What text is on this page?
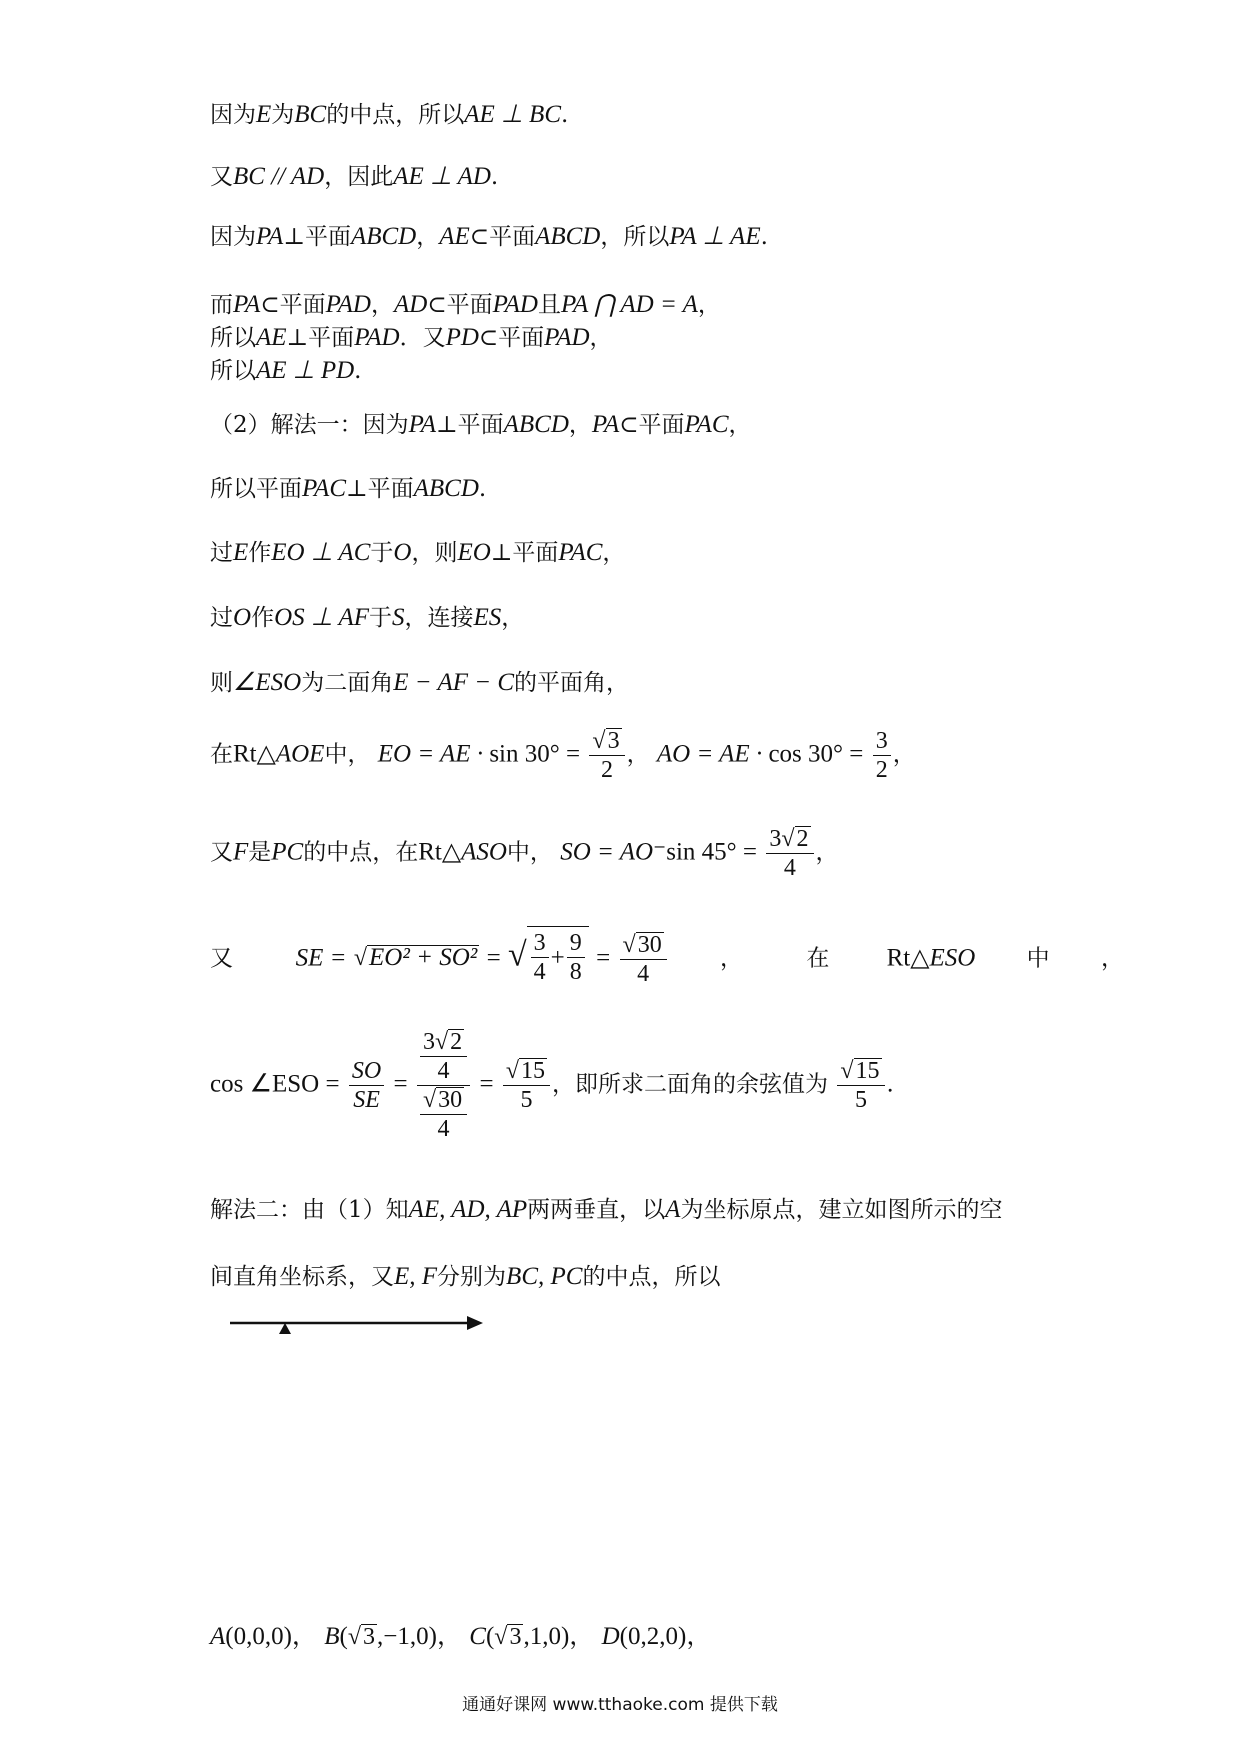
因为E为BC的中点，所以AE ⊥ BC.
又BC // AD，因此AE ⊥ AD.
因为PA⊥平面ABCD，AE⊂平面ABCD，所以PA ⊥ AE.
而PA⊂平面PAD，AD⊂平面PAD且PA ⋂ AD = A，
所以AE⊥平面PAD．又PD⊂平面PAD，
所以AE ⊥ PD.
（2）解法一：因为PA⊥平面ABCD，PA⊂平面PAC，
所以平面PAC⊥平面ABCD.
过E作EO ⊥ AC于O，则EO⊥平面PAC，
过O作OS ⊥ AF于S，连接ES，
则∠ESO为二面角E − AF − C的平面角，
在Rt△AOE中， EO = AE · $\sin 30^\circ = \frac{√3}{2}$ ， AO = AE · $\cos 30^\circ = \frac{3}{2}$ ，
又F是PC的中点，在Rt△ASO中， SO = AO⁻sin $45^\circ = \frac{3√2}{4}$ ，
又	SE = √EO² + SO² = √ $\frac{3}{4} + \frac{9}{8} = \frac{√30}{4}$ ，	在 Rt△ESO 中 ，
cos ∠ESO = $\frac{SO}{SE} = \frac{\frac{3√2}{4}}{\frac{√30}{4}} = \frac{√15}{5}$ ，即所求二面角的余弦值为 $\frac{√15}{5}$ .
解法二：由（1）知AE, AD, AP两两垂直，以A为坐标原点，建立如图所示的空
间直角坐标系，又E, F分别为BC, PC的中点，所以
A(0,0,0)， B(√3,−1,0)， C(√3,1,0)， D(0,2,0)，
通通好课网 www.tthaoke.com 提供下载
